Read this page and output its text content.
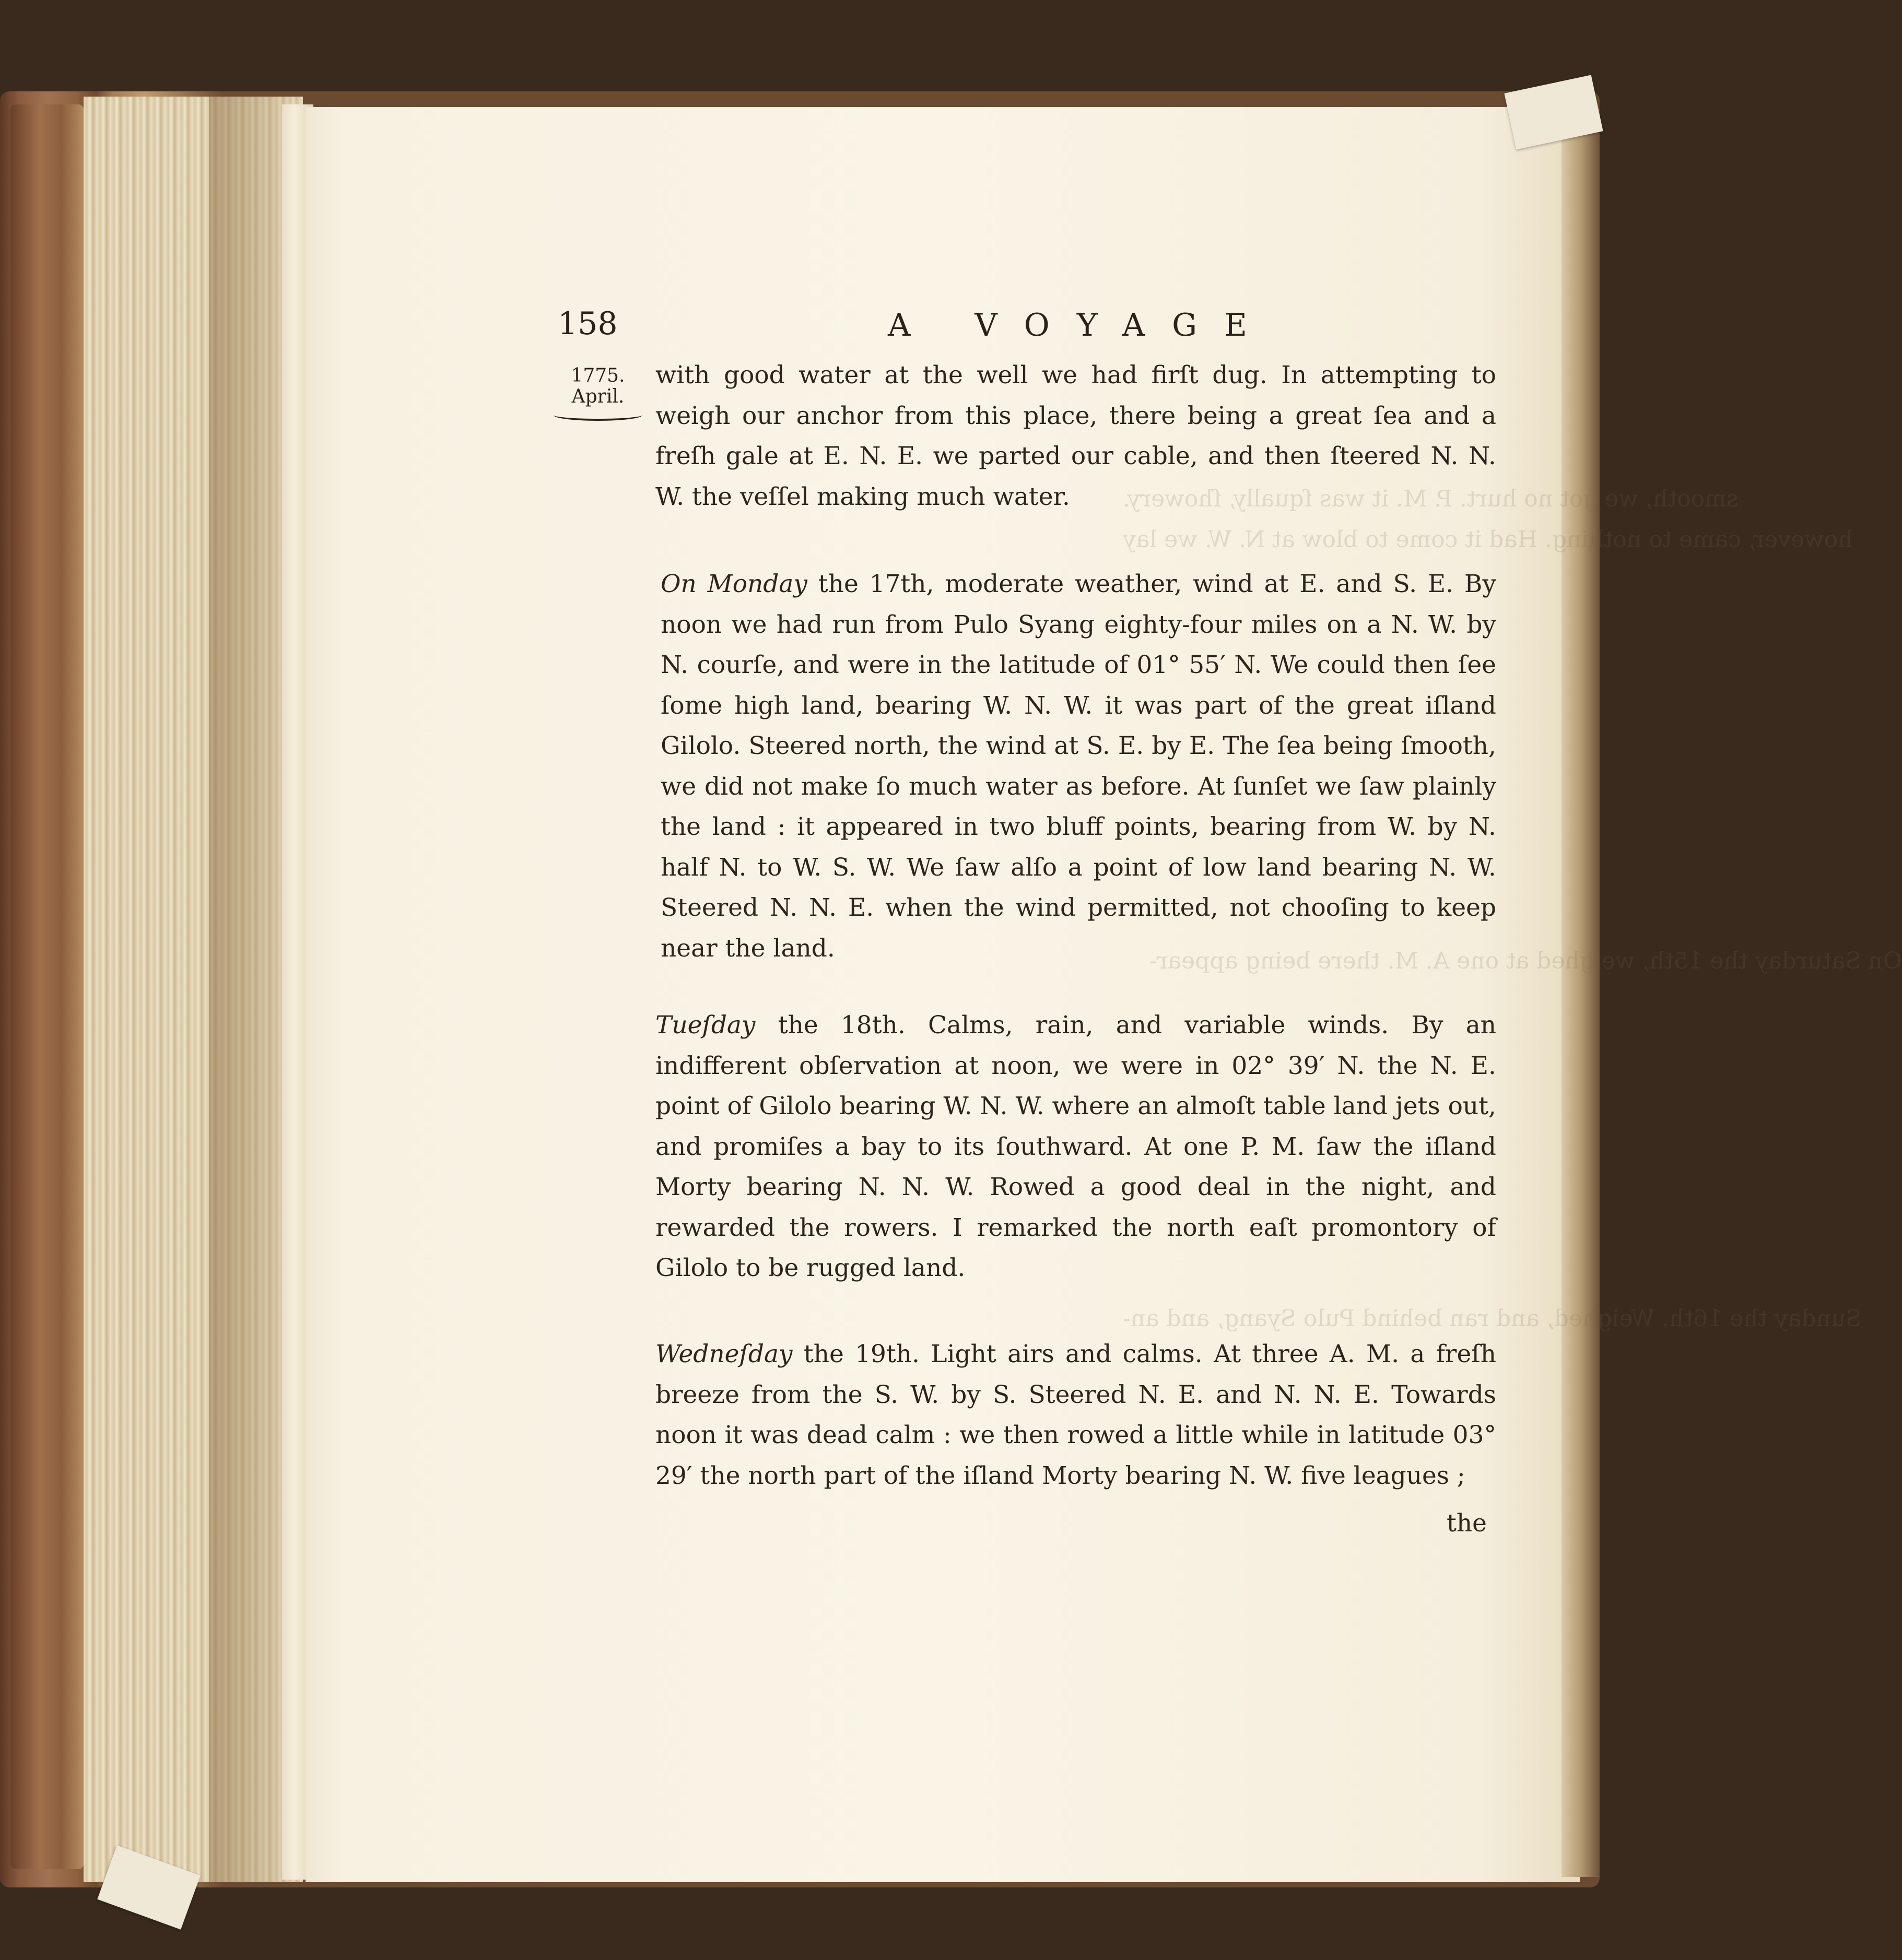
smooth, we got no hurt. P. M. it was ſqually, ſhowery.
however, came to nothing. Had it come to blow at N. W. we lay
On Saturday the 15th, weighed at one A. M. there being appear-
Sunday the 16th. Weighed, and ran behind Pulo Syang, and an-
158	A VOYAGE
1775.
April.

with good water at the well we had firſt dug. In attempting to weigh our anchor from this place, there being a great ſea and a freſh gale at E. N. E. we parted our cable, and then ſteered N. N. W. the veſſel making much water.

On Monday the 17th, moderate weather, wind at E. and S. E. By noon we had run from Pulo Syang eighty-four miles on a N. W. by N. courſe, and were in the latitude of 01° 55′ N. We could then ſee ſome high land, bearing W. N. W. it was part of the great iſland Gilolo. Steered north, the wind at S. E. by E. The ſea being ſmooth, we did not make ſo much water as before. At ſunſet we ſaw plainly the land : it appeared in two bluff points, bearing from W. by N. half N. to W. S. W. We ſaw alſo a point of low land bearing N. W. Steered N. N. E. when the wind permitted, not chooſing to keep near the land.

Tueſday the 18th. Calms, rain, and variable winds. By an indifferent obſervation at noon, we were in 02° 39′ N. the N. E. point of Gilolo bearing W. N. W. where an almoſt table land jets out, and promiſes a bay to its ſouthward. At one P. M. ſaw the iſland Morty bearing N. N. W. Rowed a good deal in the night, and rewarded the rowers. I remarked the north eaſt promontory of Gilolo to be rugged land.

Wedneſday the 19th. Light airs and calms. At three A. M. a freſh breeze from the S. W. by S. Steered N. E. and N. N. E. Towards noon it was dead calm : we then rowed a little while in latitude 03° 29′ the north part of the iſland Morty bearing N. W. five leagues ;

the
